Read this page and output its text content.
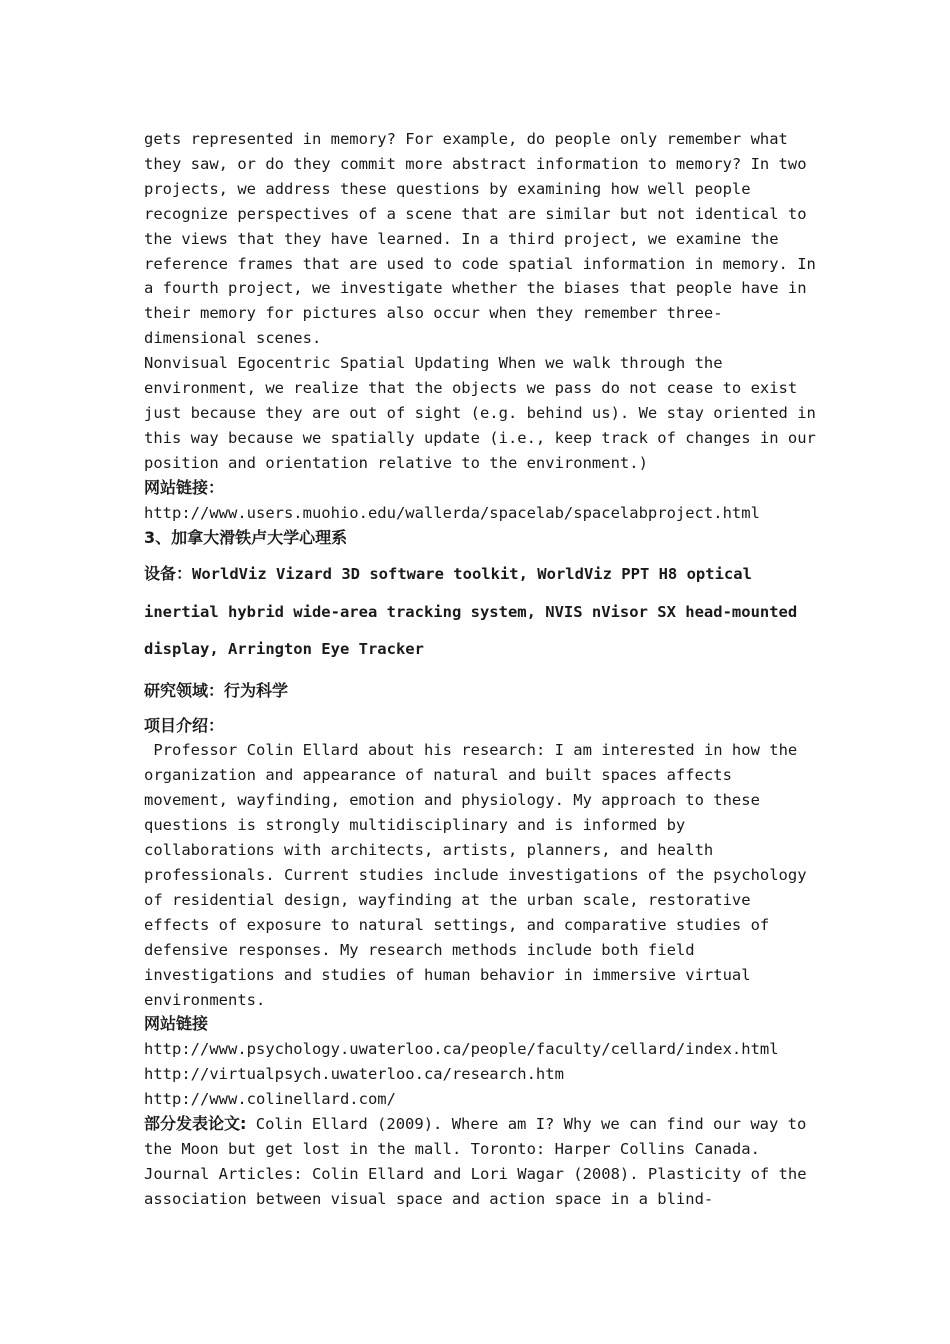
gets represented in memory? For example, do people only remember what they saw, or do they commit more abstract information to memory? In two projects, we address these questions by examining how well people recognize perspectives of a scene that are similar but not identical to the views that they have learned. In a third project, we examine the reference frames that are used to code spatial information in memory. In a fourth project, we investigate whether the biases that people have in their memory for pictures also occur when they remember three-dimensional scenes.

Nonvisual Egocentric Spatial Updating When we walk through the environment, we realize that the objects we pass do not cease to exist just because they are out of sight (e.g. behind us). We stay oriented in this way because we spatially update (i.e., keep track of changes in our position and orientation relative to the environment.)

网站链接：
http://www.users.muohio.edu/wallerda/spacelab/spacelabproject.html

3、加拿大滑铁卢大学心理系

设备：WorldViz Vizard 3D software toolkit, WorldViz PPT H8 optical inertial hybrid wide-area tracking system, NVIS nVisor SX head-mounted display, Arrington Eye Tracker

研究领域：行为科学

项目介绍：

Professor Colin Ellard about his research: I am interested in how the organization and appearance of natural and built spaces affects movement, wayfinding, emotion and physiology. My approach to these questions is strongly multidisciplinary and is informed by collaborations with architects, artists, planners, and health professionals. Current studies include investigations of the psychology of residential design, wayfinding at the urban scale, restorative effects of exposure to natural settings, and comparative studies of defensive responses. My research methods include both field investigations and studies of human behavior in immersive virtual environments.

网站链接http://www.psychology.uwaterloo.ca/people/faculty/cellard/index.html http://virtualpsych.uwaterloo.ca/research.htm http://www.colinellard.com/

部分发表论文: Colin Ellard (2009). Where am I? Why we can find our way to the Moon but get lost in the mall. Toronto: Harper Collins Canada.

Journal Articles: Colin Ellard and Lori Wagar (2008). Plasticity of the association between visual space and action space in a blind-
